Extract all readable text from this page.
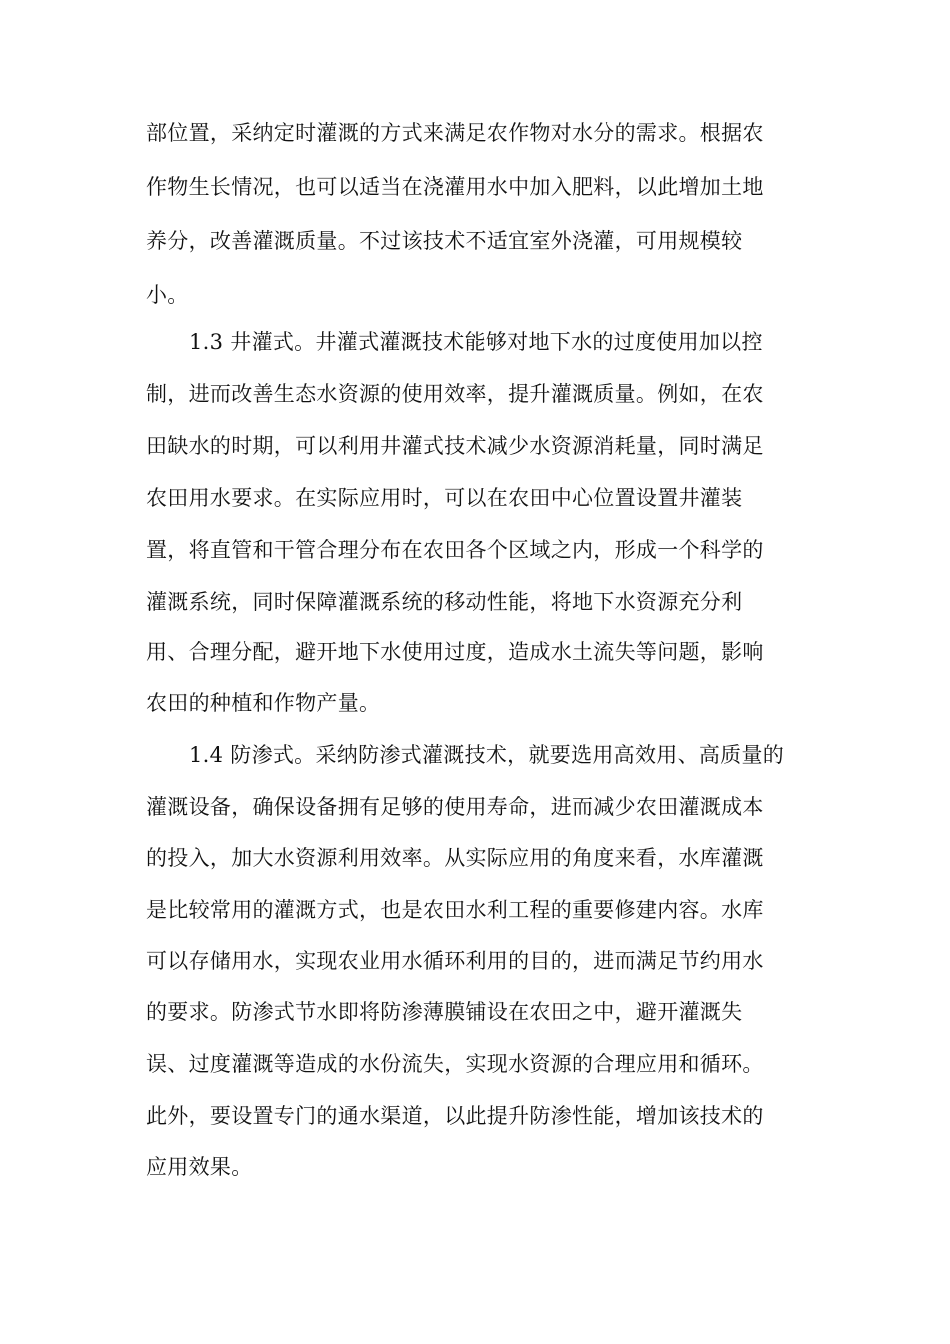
部位置，采纳定时灌溉的方式来满足农作物对水分的需求。根据农
作物生长情况，也可以适当在浇灌用水中加入肥料，以此增加土地
养分，改善灌溉质量。不过该技术不适宜室外浇灌，可用规模较
小。
1.3 井灌式。井灌式灌溉技术能够对地下水的过度使用加以控
制，进而改善生态水资源的使用效率，提升灌溉质量。例如，在农
田缺水的时期，可以利用井灌式技术减少水资源消耗量，同时满足
农田用水要求。在实际应用时，可以在农田中心位置设置井灌装
置，将直管和干管合理分布在农田各个区域之内，形成一个科学的
灌溉系统，同时保障灌溉系统的移动性能，将地下水资源充分利
用、合理分配，避开地下水使用过度，造成水土流失等问题，影响
农田的种植和作物产量。
1.4 防渗式。采纳防渗式灌溉技术，就要选用高效用、高质量的
灌溉设备，确保设备拥有足够的使用寿命，进而减少农田灌溉成本
的投入，加大水资源利用效率。从实际应用的角度来看，水库灌溉
是比较常用的灌溉方式，也是农田水利工程的重要修建内容。水库
可以存储用水，实现农业用水循环利用的目的，进而满足节约用水
的要求。防渗式节水即将防渗薄膜铺设在农田之中，避开灌溉失
误、过度灌溉等造成的水份流失，实现水资源的合理应用和循环。
此外，要设置专门的通水渠道，以此提升防渗性能，增加该技术的
应用效果。
